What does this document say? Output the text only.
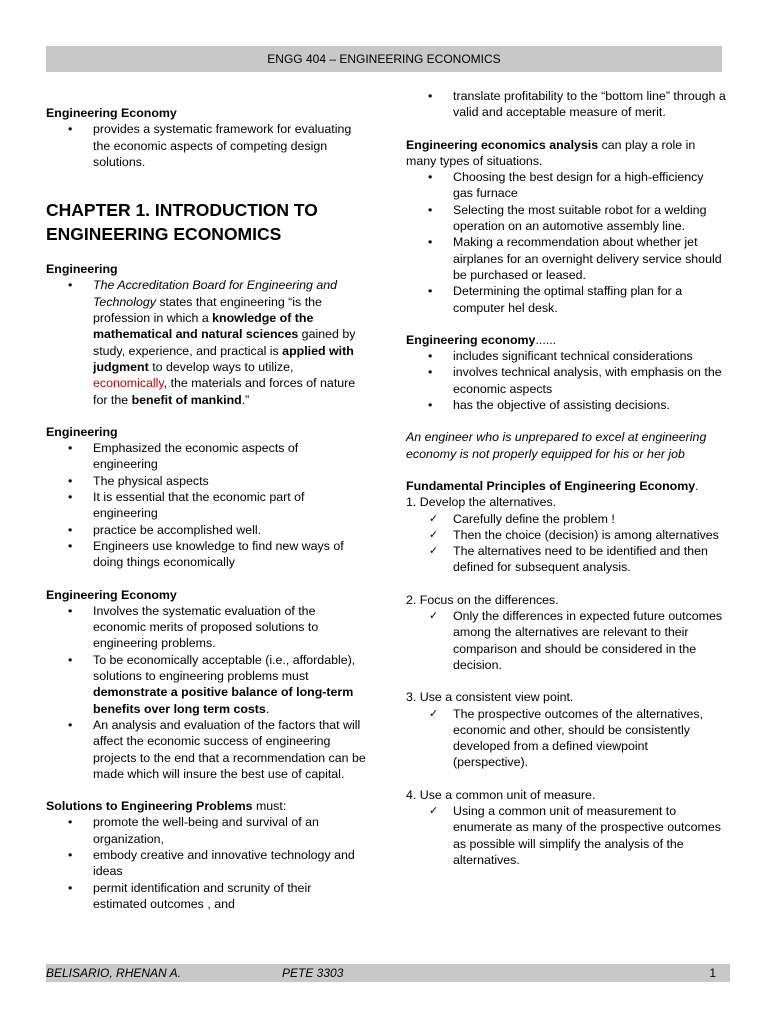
ENGG 404 – ENGINEERING ECONOMICS
Engineering Economy
• provides a systematic framework for evaluating the economic aspects of competing design solutions.
CHAPTER 1. INTRODUCTION TO ENGINEERING ECONOMICS
Engineering
• The Accreditation Board for Engineering and Technology states that engineering “is the profession in which a knowledge of the mathematical and natural sciences gained by study, experience, and practical is applied with judgment to develop ways to utilize, economically, the materials and forces of nature for the benefit of mankind.”
Engineering
• Emphasized the economic aspects of engineering
• The physical aspects
• It is essential that the economic part of engineering
• practice be accomplished well.
• Engineers use knowledge to find new ways of doing things economically
Engineering Economy
• Involves the systematic evaluation of the economic merits of proposed solutions to engineering problems.
• To be economically acceptable (i.e., affordable), solutions to engineering problems must demonstrate a positive balance of long-term benefits over long term costs.
• An analysis and evaluation of the factors that will affect the economic success of engineering projects to the end that a recommendation can be made which will insure the best use of capital.
Solutions to Engineering Problems must:
• promote the well-being and survival of an organization,
• embody creative and innovative technology and ideas
• permit identification and scrunity of their estimated outcomes , and
• translate profitability to the “bottom line” through a valid and acceptable measure of merit.
Engineering economics analysis can play a role in many types of situations.
• Choosing the best design for a high-efficiency gas furnace
• Selecting the most suitable robot for a welding operation on an automotive assembly line.
• Making a recommendation about whether jet airplanes for an overnight delivery service should be purchased or leased.
• Determining the optimal staffing plan for a computer hel desk.
Engineering economy......
• includes significant technical considerations
• involves technical analysis, with emphasis on the economic aspects
• has the objective of assisting decisions.
An engineer who is unprepared to excel at engineering economy is not properly equipped for his or her job
Fundamental Principles of Engineering Economy.
1. Develop the alternatives.
✓ Carefully define the problem !
✓ Then the choice (decision) is among alternatives
✓ The alternatives need to be identified and then defined for subsequent analysis.
2. Focus on the differences.
✓ Only the differences in expected future outcomes among the alternatives are relevant to their comparison and should be considered in the decision.
3. Use a consistent view point.
✓ The prospective outcomes of the alternatives, economic and other, should be consistently developed from a defined viewpoint (perspective).
4. Use a common unit of measure.
✓ Using a common unit of measurement to enumerate as many of the prospective outcomes as possible will simplify the analysis of the alternatives.
BELISARIO, RHENAN A.	PETE 3303	1
